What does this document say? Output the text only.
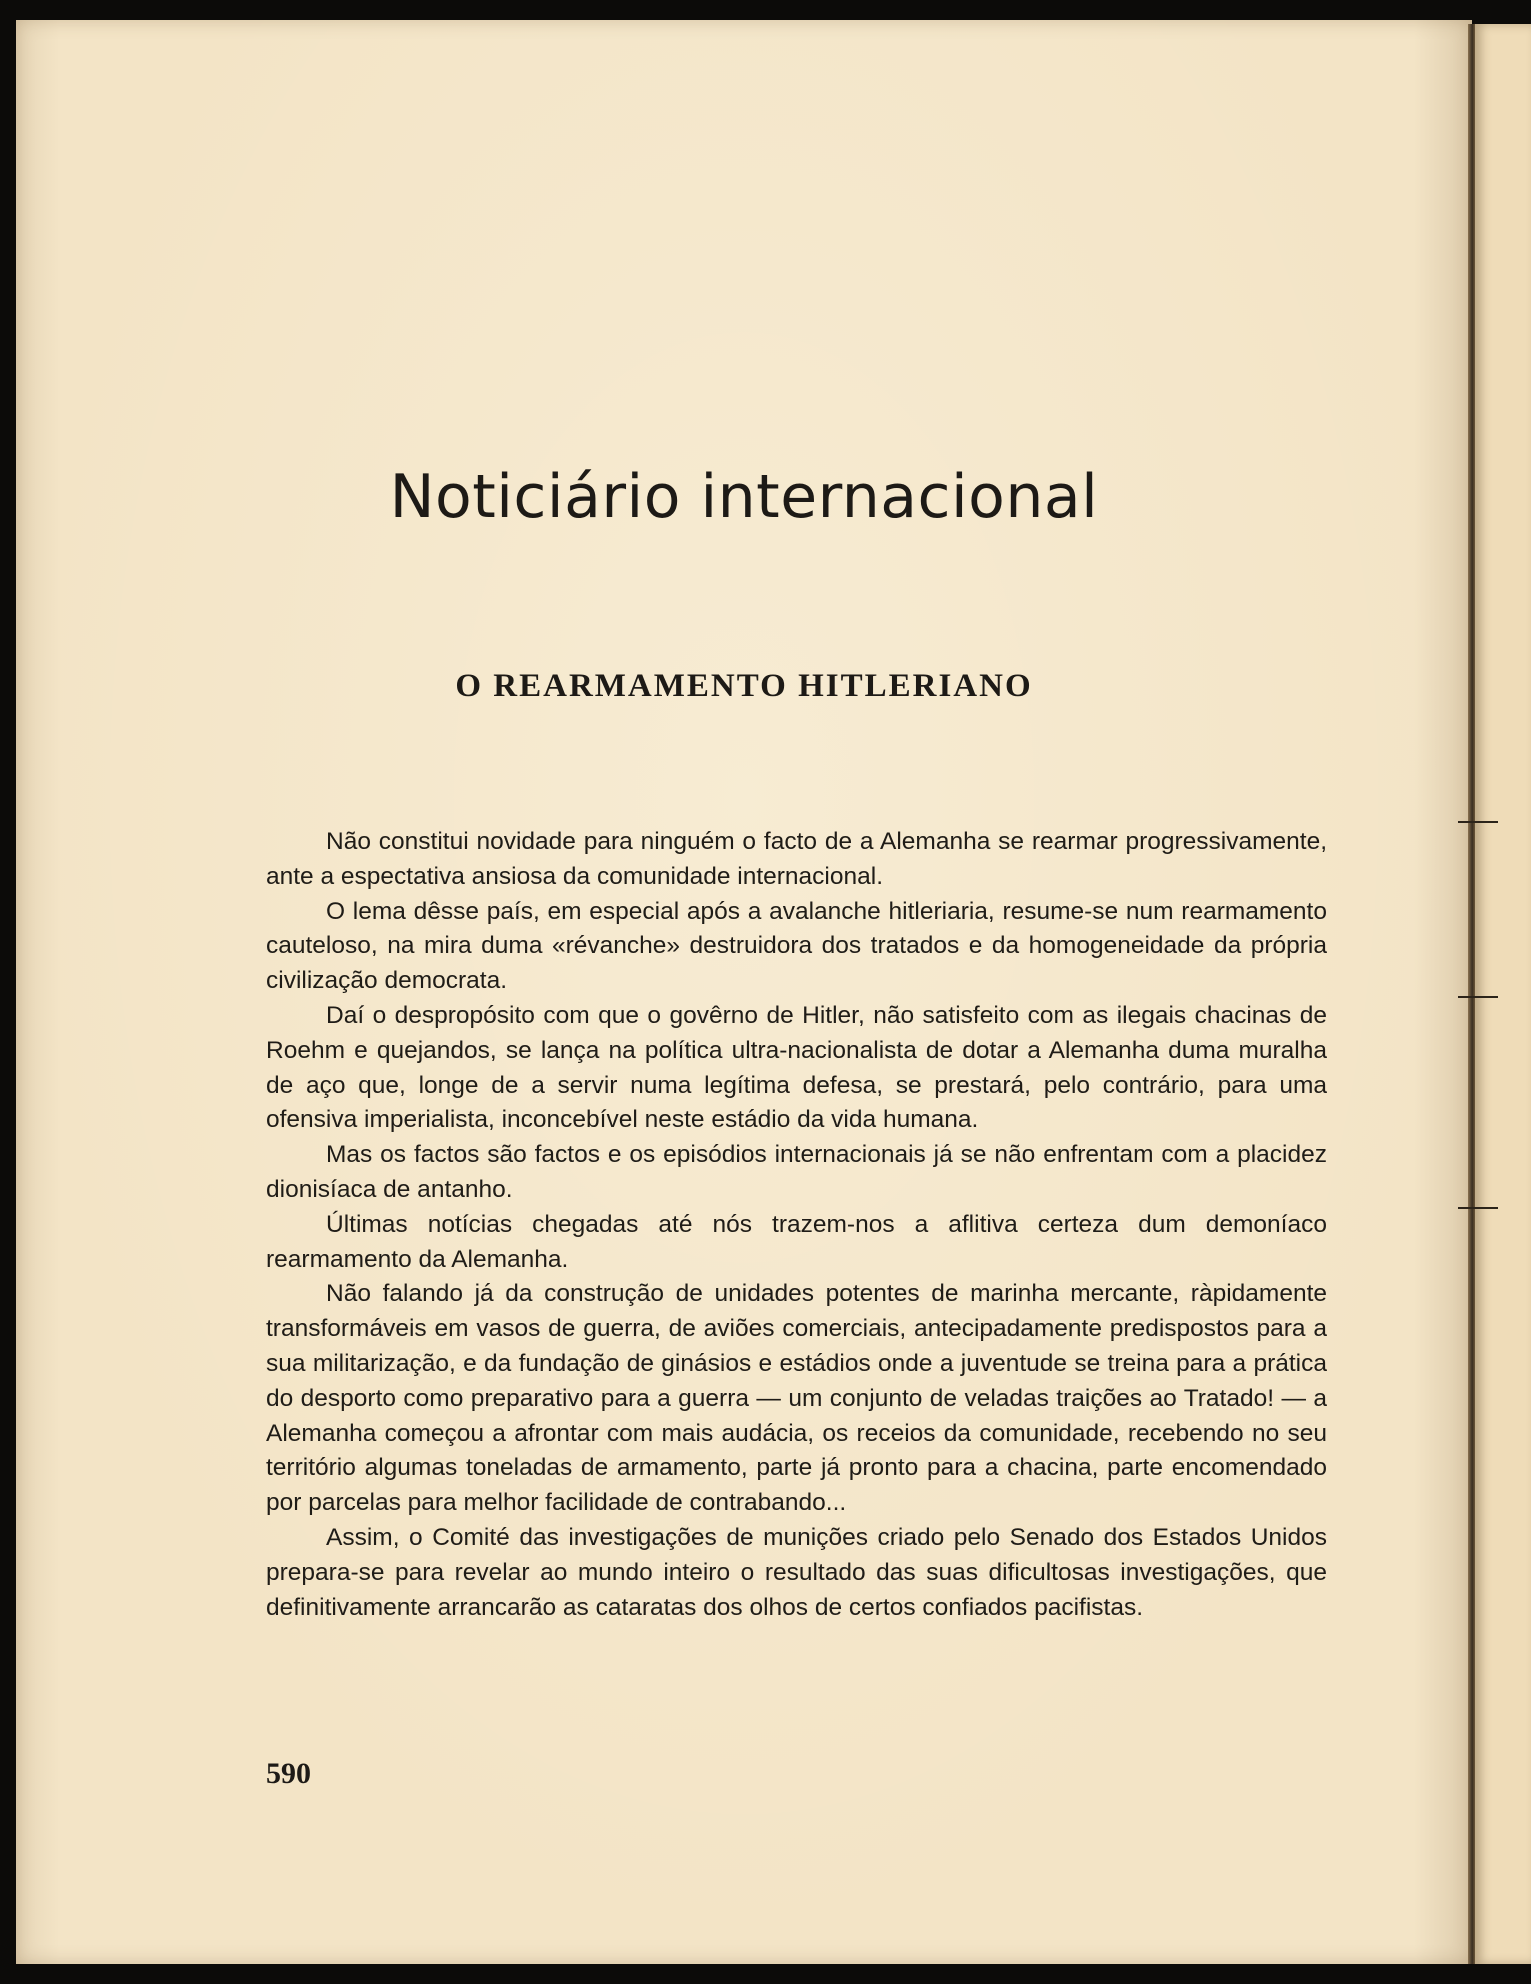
Noticiário internacional
O REARMAMENTO HITLERIANO

Não constitui novidade para ninguém o facto de a Alemanha se rearmar progressivamente, ante a espectativa ansiosa da comunidade internacional.

O lema dêsse país, em especial após a avalanche hitleriaria, resume-se num rearmamento cauteloso, na mira duma «révanche» destruidora dos tratados e da homogeneidade da própria civilização democrata.

Daí o despropósito com que o govêrno de Hitler, não satisfeito com as ilegais chacinas de Roehm e quejandos, se lança na política ultra-nacionalista de dotar a Alemanha duma muralha de aço que, longe de a servir numa legítima defesa, se prestará, pelo contrário, para uma ofensiva imperialista, inconcebível neste estádio da vida humana.

Mas os factos são factos e os episódios internacionais já se não enfrentam com a placidez dionisíaca de antanho.

Últimas notícias chegadas até nós trazem-nos a aflitiva certeza dum demoníaco rearmamento da Alemanha.

Não falando já da construção de unidades potentes de marinha mercante, ràpidamente transformáveis em vasos de guerra, de aviões comerciais, antecipadamente predispostos para a sua militarização, e da fundação de ginásios e estádios onde a juventude se treina para a prática do desporto como preparativo para a guerra — um conjunto de veladas traições ao Tratado! — a Alemanha começou a afrontar com mais audácia, os receios da comunidade, recebendo no seu território algumas toneladas de armamento, parte já pronto para a chacina, parte encomendado por parcelas para melhor facilidade de contrabando...

Assim, o Comité das investigações de munições criado pelo Senado dos Estados Unidos prepara-se para revelar ao mundo inteiro o resultado das suas dificultosas investigações, que definitivamente arrancarão as cataratas dos olhos de certos confiados pacifistas.

590
